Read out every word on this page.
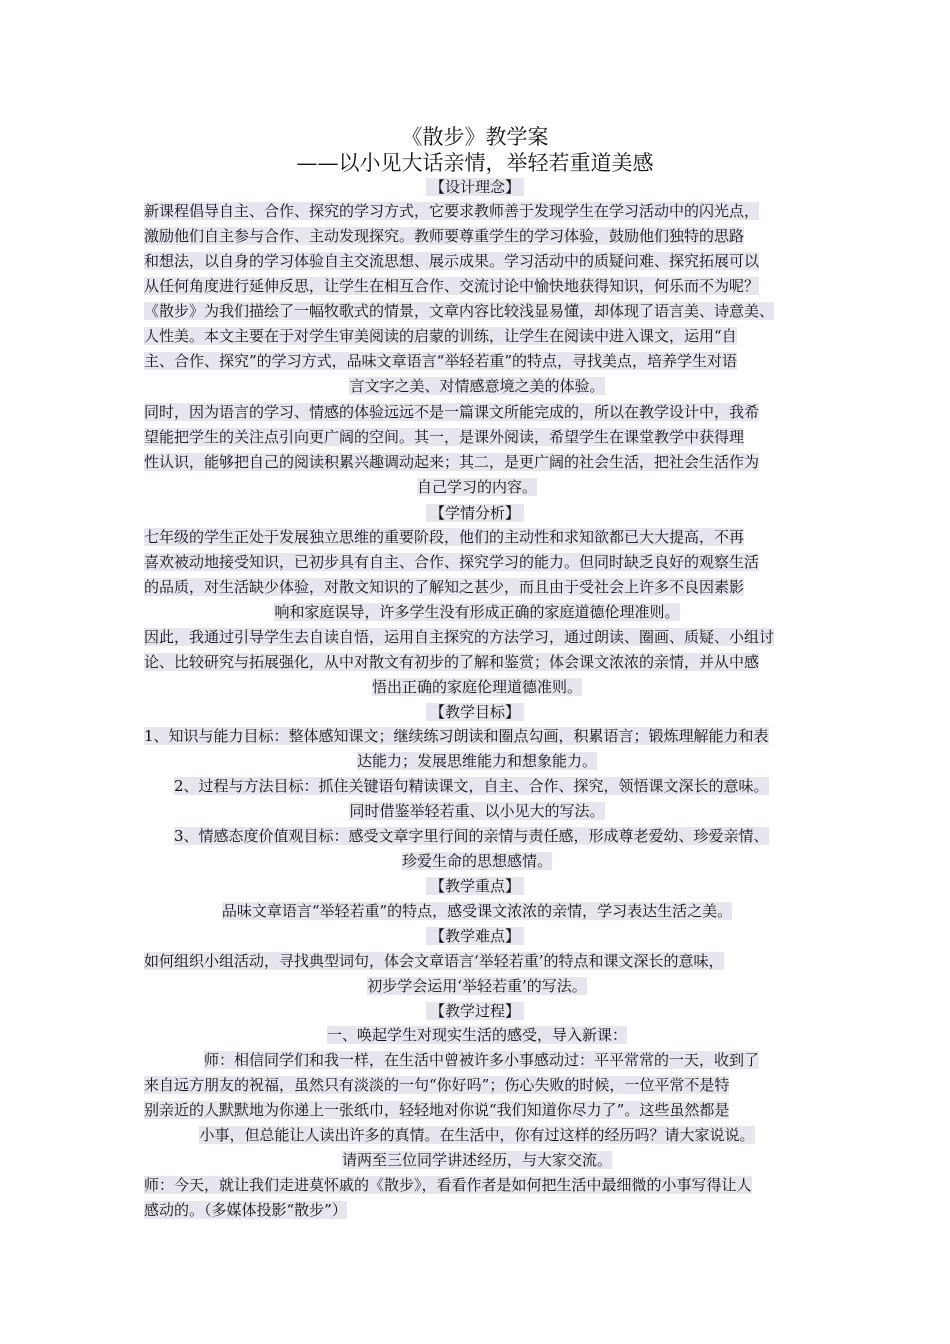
《散步》教学案
——以小见大话亲情，举轻若重道美感
【设计理念】
新课程倡导自主、合作、探究的学习方式，它要求教师善于发现学生在学习活动中的闪光点，
激励他们自主参与合作、主动发现探究。教师要尊重学生的学习体验，鼓励他们独特的思路
和想法，以自身的学习体验自主交流思想、展示成果。学习活动中的质疑问难、探究拓展可以
从任何角度进行延伸反思，让学生在相互合作、交流讨论中愉快地获得知识，何乐而不为呢？
《散步》为我们描绘了一幅牧歌式的情景，文章内容比较浅显易懂，却体现了语言美、诗意美、
人性美。本文主要在于对学生审美阅读的启蒙的训练，让学生在阅读中进入课文，运用“自
主、合作、探究”的学习方式，品味文章语言“举轻若重”的特点，寻找美点，培养学生对语
言文字之美、对情感意境之美的体验。
同时，因为语言的学习、情感的体验远远不是一篇课文所能完成的，所以在教学设计中，我希
望能把学生的关注点引向更广阔的空间。其一，是课外阅读，希望学生在课堂教学中获得理
性认识，能够把自己的阅读积累兴趣调动起来；其二，是更广阔的社会生活，把社会生活作为
自己学习的内容。
【学情分析】
七年级的学生正处于发展独立思维的重要阶段，他们的主动性和求知欲都已大大提高，不再
喜欢被动地接受知识，已初步具有自主、合作、探究学习的能力。但同时缺乏良好的观察生活
的品质，对生活缺少体验，对散文知识的了解知之甚少，而且由于受社会上许多不良因素影
响和家庭误导，许多学生没有形成正确的家庭道德伦理准则。
因此，我通过引导学生去自读自悟，运用自主探究的方法学习，通过朗读、圈画、质疑、小组讨
论、比较研究与拓展强化，从中对散文有初步的了解和鉴赏；体会课文浓浓的亲情，并从中感
悟出正确的家庭伦理道德准则。
【教学目标】
1、知识与能力目标：整体感知课文；继续练习朗读和圈点勾画，积累语言；锻炼理解能力和表
达能力；发展思维能力和想象能力。
2、过程与方法目标：抓住关键语句精读课文，自主、合作、探究，领悟课文深长的意味。
同时借鉴举轻若重、以小见大的写法。
3、情感态度价值观目标：感受文章字里行间的亲情与责任感，形成尊老爱幼、珍爱亲情、
珍爱生命的思想感情。
【教学重点】
品味文章语言“举轻若重”的特点，感受课文浓浓的亲情，学习表达生活之美。
【教学难点】
如何组织小组活动，寻找典型词句，体会文章语言‘举轻若重’的特点和课文深长的意味，
初步学会运用‘举轻若重’的写法。
【教学过程】
一、唤起学生对现实生活的感受，导入新课：
师：相信同学们和我一样，在生活中曾被许多小事感动过：平平常常的一天，收到了
来自远方朋友的祝福，虽然只有淡淡的一句“你好吗”；伤心失败的时候，一位平常不是特
别亲近的人默默地为你递上一张纸巾，轻轻地对你说“我们知道你尽力了”。这些虽然都是
小事，但总能让人读出许多的真情。在生活中，你有过这样的经历吗？请大家说说。
请两至三位同学讲述经历，与大家交流。
师：今天，就让我们走进莫怀戚的《散步》，看看作者是如何把生活中最细微的小事写得让人
感动的。（多媒体投影“散步”）
